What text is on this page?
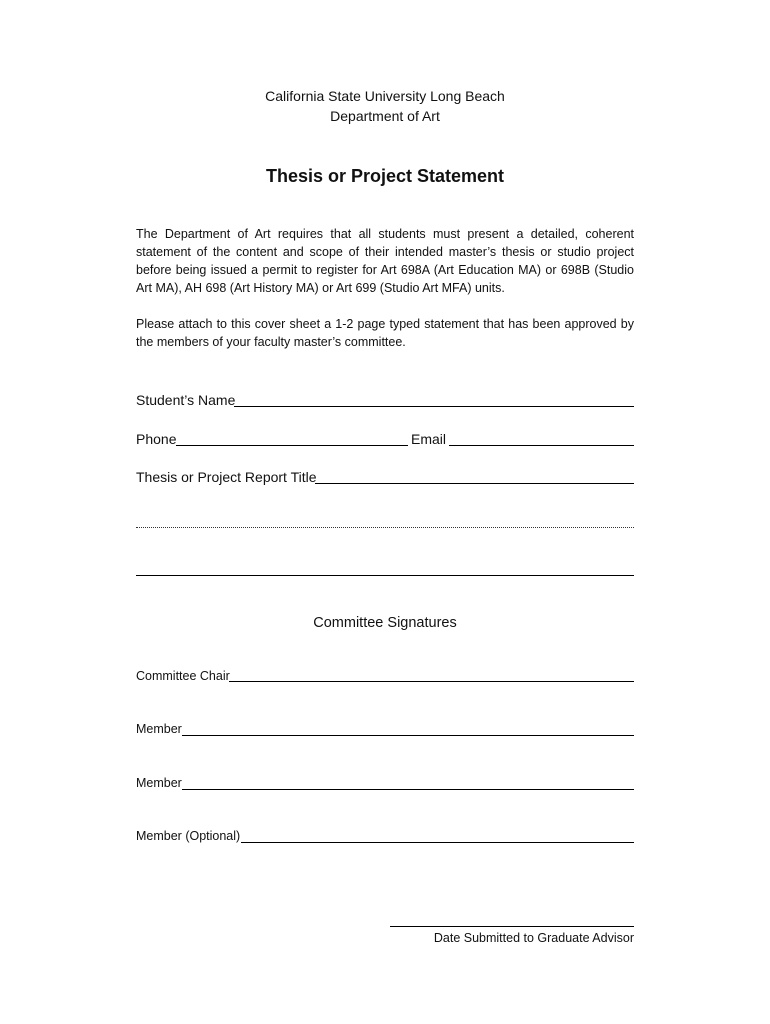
California State University Long Beach
Department of Art
Thesis or Project Statement
The Department of Art requires that all students must present a detailed, coherent statement of the content and scope of their intended master’s thesis or studio project before being issued a permit to register for Art 698A (Art Education MA) or 698B (Studio Art MA), AH 698 (Art History MA) or Art 699 (Studio Art MFA) units.
Please attach to this cover sheet a 1-2 page typed statement that has been approved by the members of your faculty master’s committee.
Student’s Name
Phone	Email
Thesis or Project Report Title
Committee Signatures
Committee Chair
Member
Member
Member (Optional)
Date Submitted to Graduate Advisor
